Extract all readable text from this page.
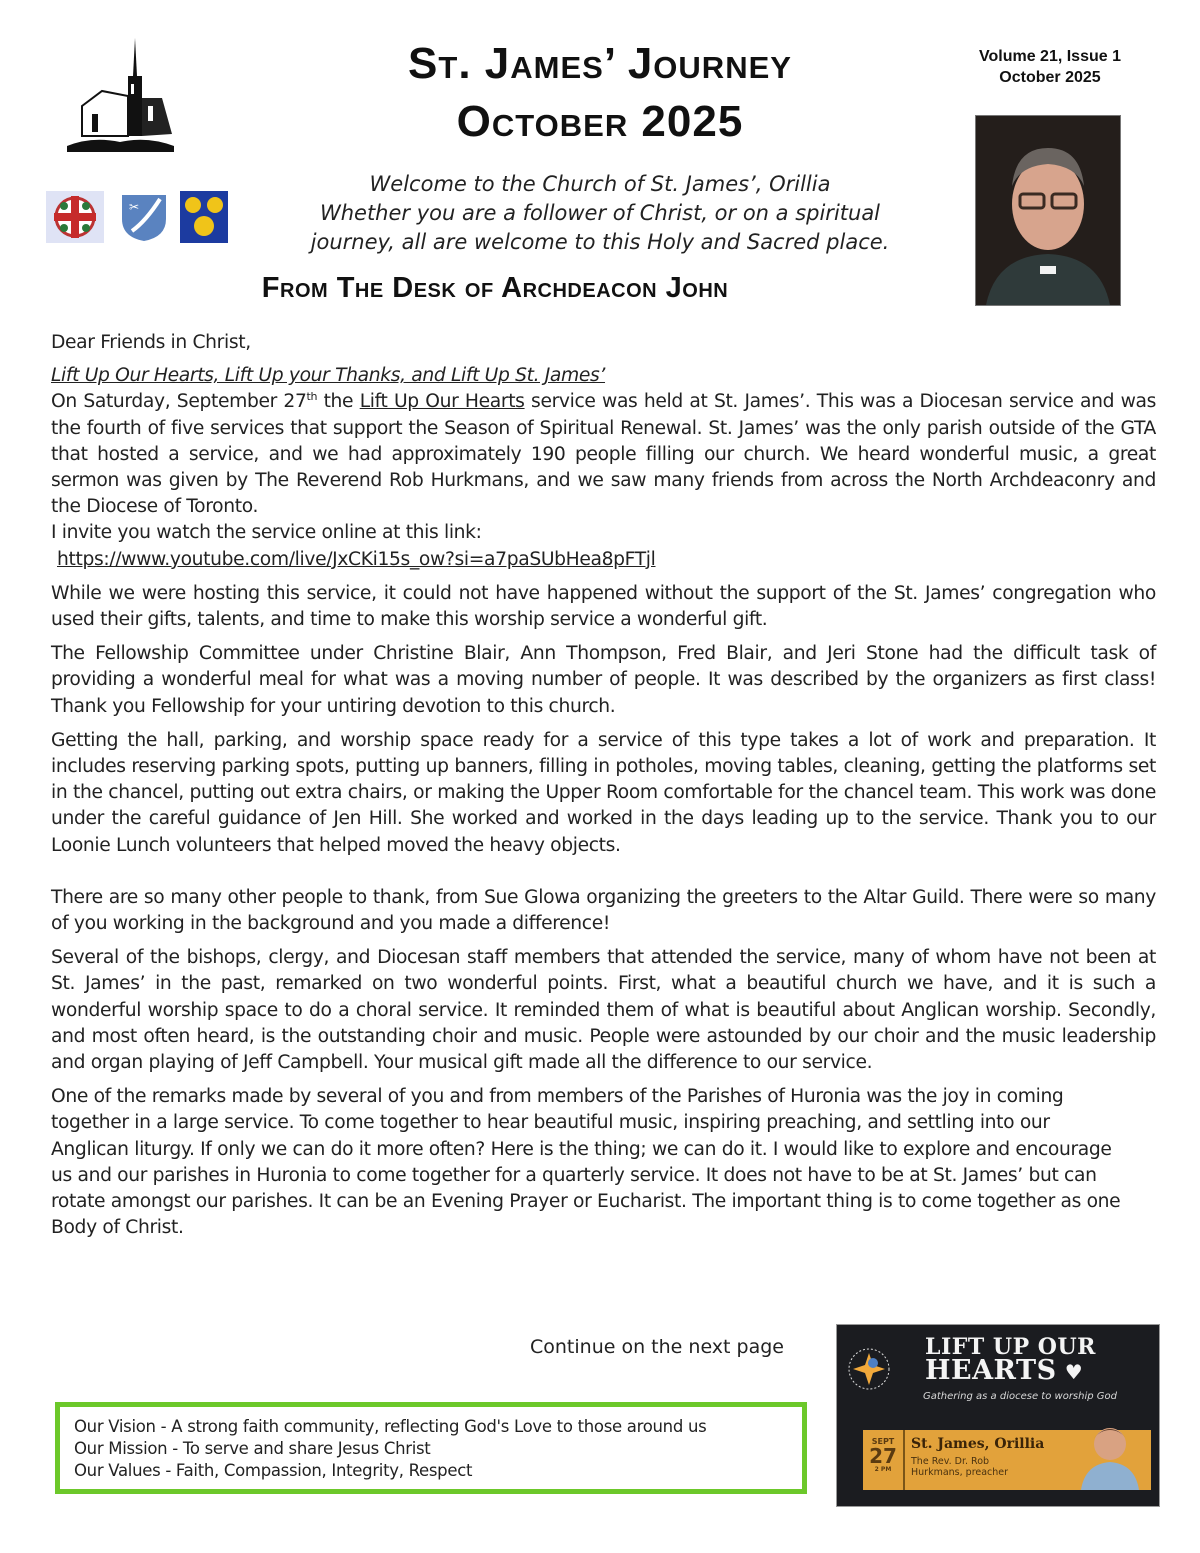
✂
St. James’ Journey
October 2025
Volume 21, Issue 1
October 2025
Welcome to the Church of St. James’, Orillia
Whether you are a follower of Christ, or on a spiritual
journey, all are welcome to this Holy and Sacred place.
From The Desk of Archdeacon John

Dear Friends in Christ,

Lift Up Our Hearts, Lift Up your Thanks, and Lift Up St. James’

On Saturday, September 27th the Lift Up Our Hearts service was held at St. James’. This was a Diocesan service and was the fourth of five services that support the Season of Spiritual Renewal. St. James’ was the only parish outside of the GTA that hosted a service, and we had approximately 190 people filling our church. We heard wonderful music, a great sermon was given by The Reverend Rob Hurkmans, and we saw many friends from across the North Archdeaconry and the Diocese of Toronto.

I invite you watch the service online at this link:

https://www.youtube.com/live/JxCKi15s_ow?si=a7paSUbHea8pFTjl

While we were hosting this service, it could not have happened without the support of the St. James’ congregation who used their gifts, talents, and time to make this worship service a wonderful gift.

The Fellowship Committee under Christine Blair, Ann Thompson, Fred Blair, and Jeri Stone had the difficult task of providing a wonderful meal for what was a moving number of people. It was described by the organizers as first class! Thank you Fellowship for your untiring devotion to this church.

Getting the hall, parking, and worship space ready for a service of this type takes a lot of work and preparation. It includes reserving parking spots, putting up banners, filling in potholes, moving tables, cleaning, getting the platforms set in the chancel, putting out extra chairs, or making the Upper Room comfortable for the chancel team. This work was done under the careful guidance of Jen Hill. She worked and worked in the days leading up to the service. Thank you to our Loonie Lunch volunteers that helped moved the heavy objects.

There are so many other people to thank, from Sue Glowa organizing the greeters to the Altar Guild. There were so many of you working in the background and you made a difference!

Several of the bishops, clergy, and Diocesan staff members that attended the service, many of whom have not been at St. James’ in the past, remarked on two wonderful points. First, what a beautiful church we have, and it is such a wonderful worship space to do a choral service. It reminded them of what is beautiful about Anglican worship. Secondly, and most often heard, is the outstanding choir and music. People were astounded by our choir and the music leadership and organ playing of Jeff Campbell. Your musical gift made all the difference to our service.

One of the remarks made by several of you and from members of the Parishes of Huronia was the joy in coming together in a large service. To come together to hear beautiful music, inspiring preaching, and settling into our Anglican liturgy. If only we can do it more often? Here is the thing; we can do it. I would like to explore and encourage us and our parishes in Huronia to come together for a quarterly service. It does not have to be at St. James’ but can rotate amongst our parishes. It can be an Evening Prayer or Eucharist. The important thing is to come together as one Body of Christ.

Continue on the next page
Our Vision - A strong faith community, reflecting God's Love to those around us
Our Mission - To serve and share Jesus Christ
Our Values - Faith, Compassion, Integrity, Respect
LIFT UP OUR
HEARTS ♥
Gathering as a diocese to worship God
SEPT
27
2 PM
St. James, Orillia
The Rev. Dr. Rob Hurkmans, preacher
